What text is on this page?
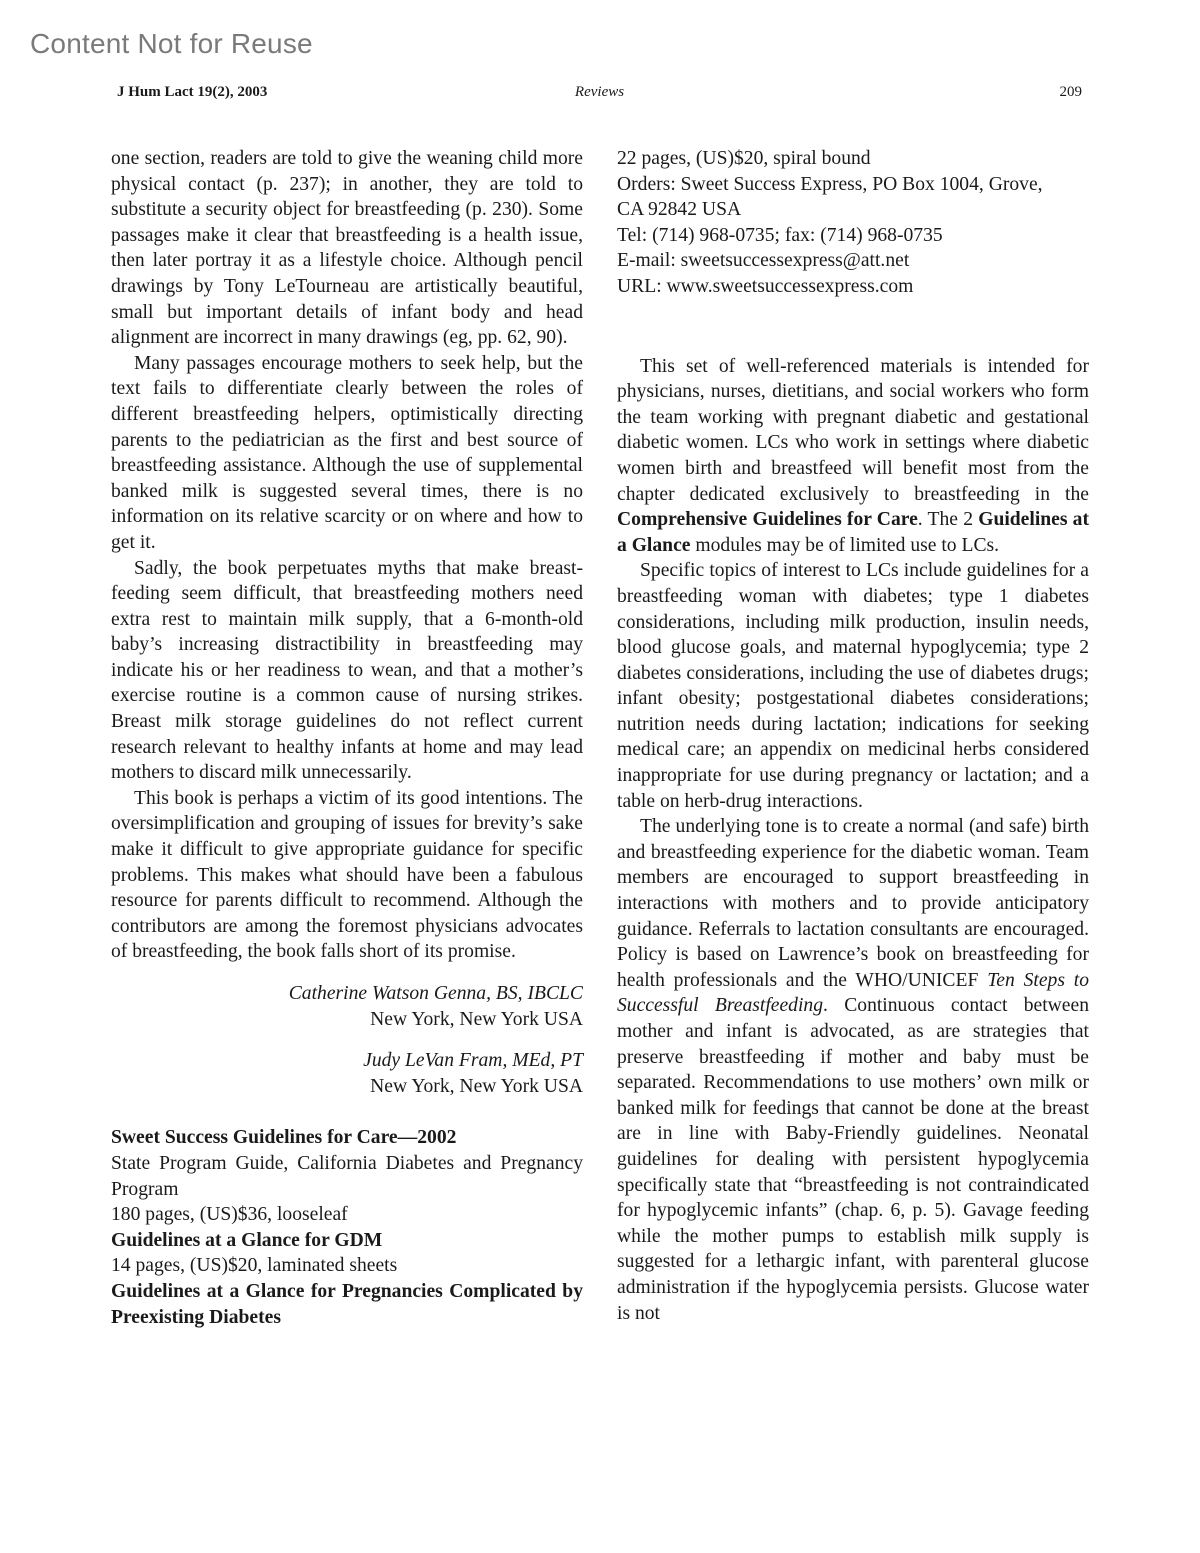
Content Not for Reuse
J Hum Lact 19(2), 2003	Reviews	209

one section, readers are told to give the weaning child more physical contact (p. 237); in another, they are told to substitute a security object for breastfeeding (p. 230). Some passages make it clear that breastfeeding is a health issue, then later portray it as a lifestyle choice. Although pencil drawings by Tony LeTourneau are artistically beautiful, small but important details of infant body and head alignment are incorrect in many drawings (eg, pp. 62, 90).

Many passages encourage mothers to seek help, but the text fails to differentiate clearly between the roles of different breastfeeding helpers, optimistically directing parents to the pediatrician as the first and best source of breastfeeding assistance. Although the use of supplemental banked milk is suggested several times, there is no information on its relative scarcity or on where and how to get it.

Sadly, the book perpetuates myths that make breastfeeding seem difficult, that breastfeeding mothers need extra rest to maintain milk supply, that a 6-month-old baby’s increasing distractibility in breastfeeding may indicate his or her readiness to wean, and that a mother’s exercise routine is a common cause of nursing strikes. Breast milk storage guidelines do not reflect current research relevant to healthy infants at home and may lead mothers to discard milk unnecessarily.

This book is perhaps a victim of its good intentions. The oversimplification and grouping of issues for brevity’s sake make it difficult to give appropriate guidance for specific problems. This makes what should have been a fabulous resource for parents difficult to recommend. Although the contributors are among the foremost physicians advocates of breastfeeding, the book falls short of its promise.

Catherine Watson Genna, BS, IBCLC
New York, New York USA
Judy LeVan Fram, MEd, PT
New York, New York USA
Sweet Success Guidelines for Care—2002

State Program Guide, California Diabetes and Pregnancy Program

180 pages, (US)$36, looseleaf
Guidelines at a Glance for GDM
14 pages, (US)$20, laminated sheets

Guidelines at a Glance for Pregnancies Complicated by Preexisting Diabetes

22 pages, (US)$20, spiral bound
Orders: Sweet Success Express, PO Box 1004, Grove,
CA 92842 USA
Tel: (714) 968-0735; fax: (714) 968-0735
E-mail: sweetsuccessexpress@att.net
URL: www.sweetsuccessexpress.com

This set of well-referenced materials is intended for physicians, nurses, dietitians, and social workers who form the team working with pregnant diabetic and gestational diabetic women. LCs who work in settings where diabetic women birth and breastfeed will benefit most from the chapter dedicated exclusively to breastfeeding in the Comprehensive Guidelines for Care. The 2 Guidelines at a Glance modules may be of limited use to LCs.

Specific topics of interest to LCs include guidelines for a breastfeeding woman with diabetes; type 1 diabetes considerations, including milk production, insulin needs, blood glucose goals, and maternal hypoglycemia; type 2 diabetes considerations, including the use of diabetes drugs; infant obesity; postgestational diabetes considerations; nutrition needs during lactation; indications for seeking medical care; an appendix on medicinal herbs considered inappropriate for use during pregnancy or lactation; and a table on herb-drug interactions.

The underlying tone is to create a normal (and safe) birth and breastfeeding experience for the diabetic woman. Team members are encouraged to support breastfeeding in interactions with mothers and to provide anticipatory guidance. Referrals to lactation consultants are encouraged. Policy is based on Lawrence’s book on breastfeeding for health professionals and the WHO/UNICEF Ten Steps to Successful Breastfeeding. Continuous contact between mother and infant is advocated, as are strategies that preserve breastfeeding if mother and baby must be separated. Recommendations to use mothers’ own milk or banked milk for feedings that cannot be done at the breast are in line with Baby-Friendly guidelines. Neonatal guidelines for dealing with persistent hypoglycemia specifically state that “breastfeeding is not contraindicated for hypoglycemic infants” (chap. 6, p. 5). Gavage feeding while the mother pumps to establish milk supply is suggested for a lethargic infant, with parenteral glucose administration if the hypoglycemia persists. Glucose water is not
